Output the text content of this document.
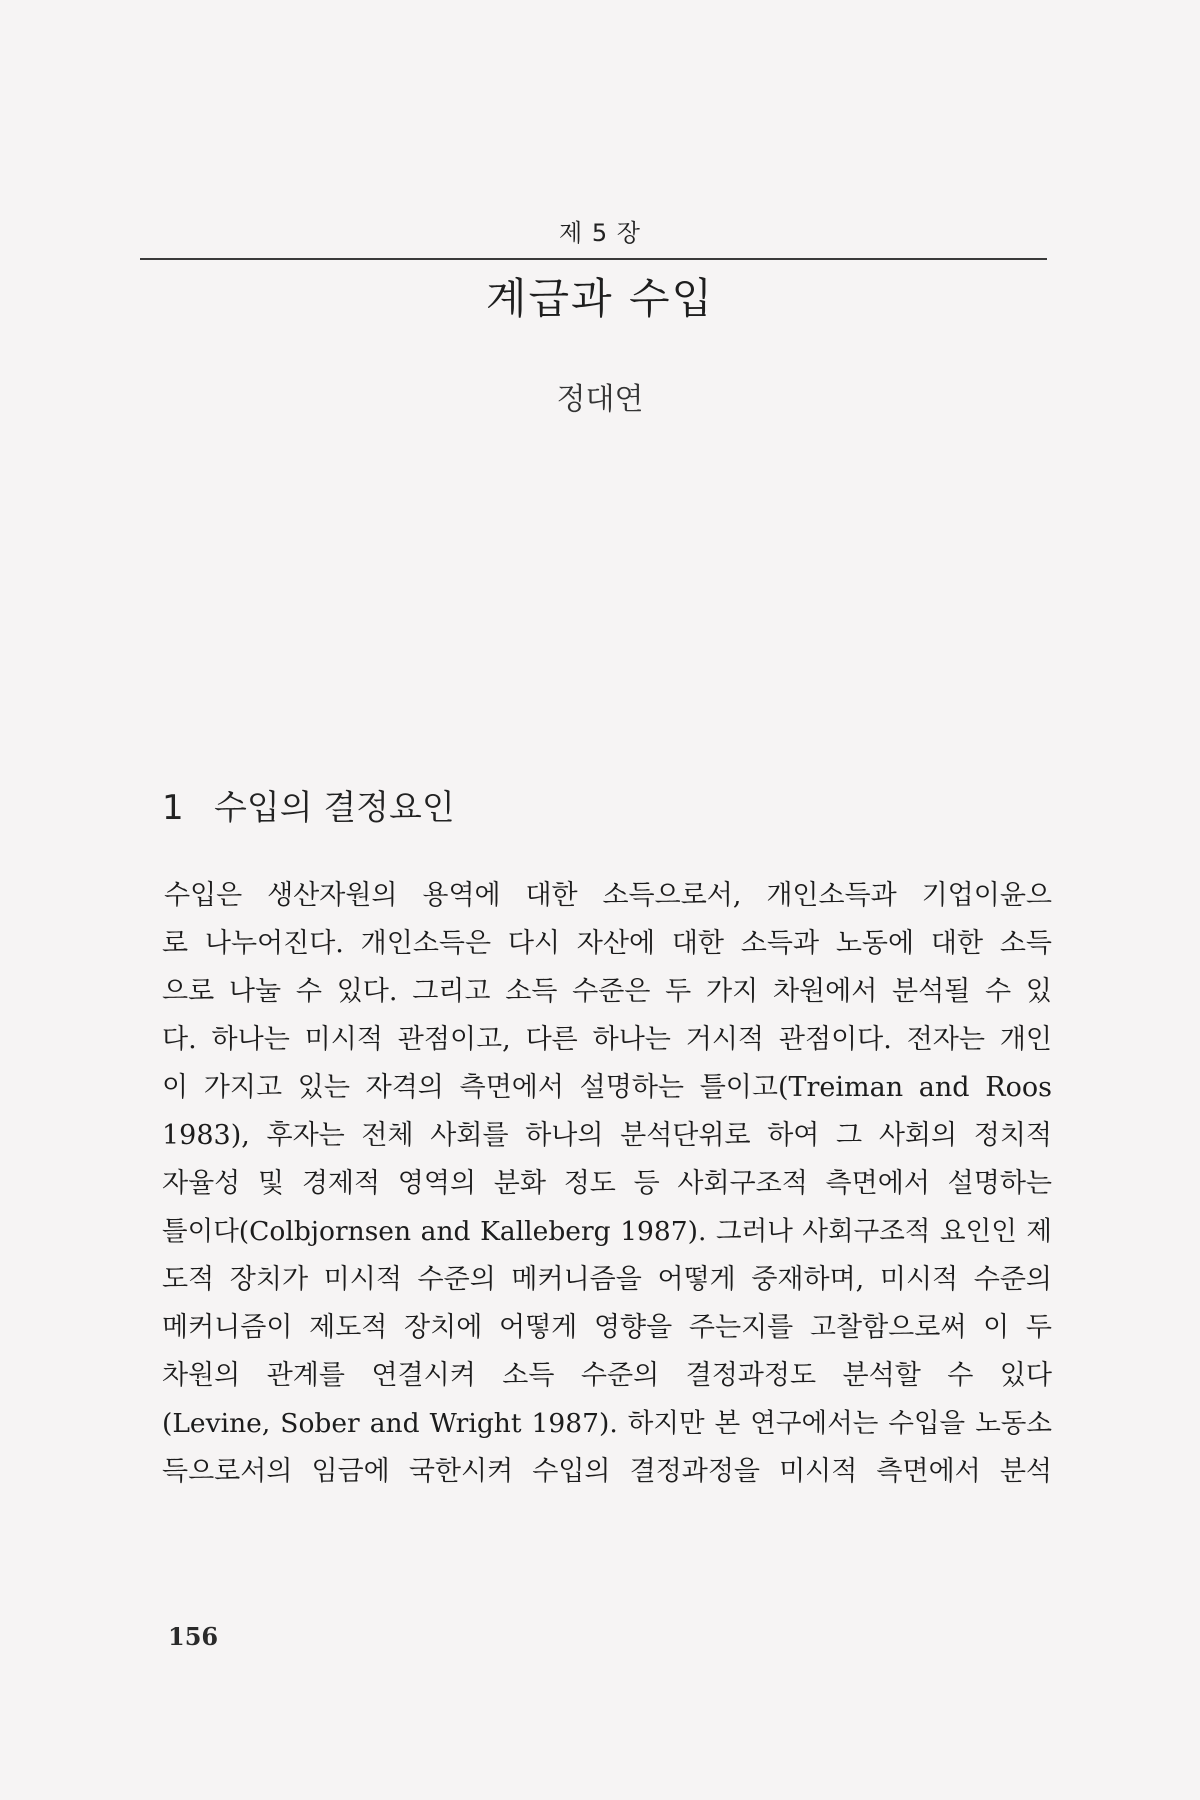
제 5 장
계급과 수입
정대연
1 수입의 결정요인
수입은 생산자원의 용역에 대한 소득으로서, 개인소득과 기업이윤으
로 나누어진다. 개인소득은 다시 자산에 대한 소득과 노동에 대한 소득
으로 나눌 수 있다. 그리고 소득 수준은 두 가지 차원에서 분석될 수 있
다. 하나는 미시적 관점이고, 다른 하나는 거시적 관점이다. 전자는 개인
이 가지고 있는 자격의 측면에서 설명하는 틀이고(Treiman and Roos
1983), 후자는 전체 사회를 하나의 분석단위로 하여 그 사회의 정치적
자율성 및 경제적 영역의 분화 정도 등 사회구조적 측면에서 설명하는
틀이다(Colbjornsen and Kalleberg 1987). 그러나 사회구조적 요인인 제
도적 장치가 미시적 수준의 메커니즘을 어떻게 중재하며, 미시적 수준의
메커니즘이 제도적 장치에 어떻게 영향을 주는지를 고찰함으로써 이 두
차원의 관계를 연결시켜 소득 수준의 결정과정도 분석할 수 있다
(Levine, Sober and Wright 1987). 하지만 본 연구에서는 수입을 노동소
득으로서의 임금에 국한시켜 수입의 결정과정을 미시적 측면에서 분석
156
